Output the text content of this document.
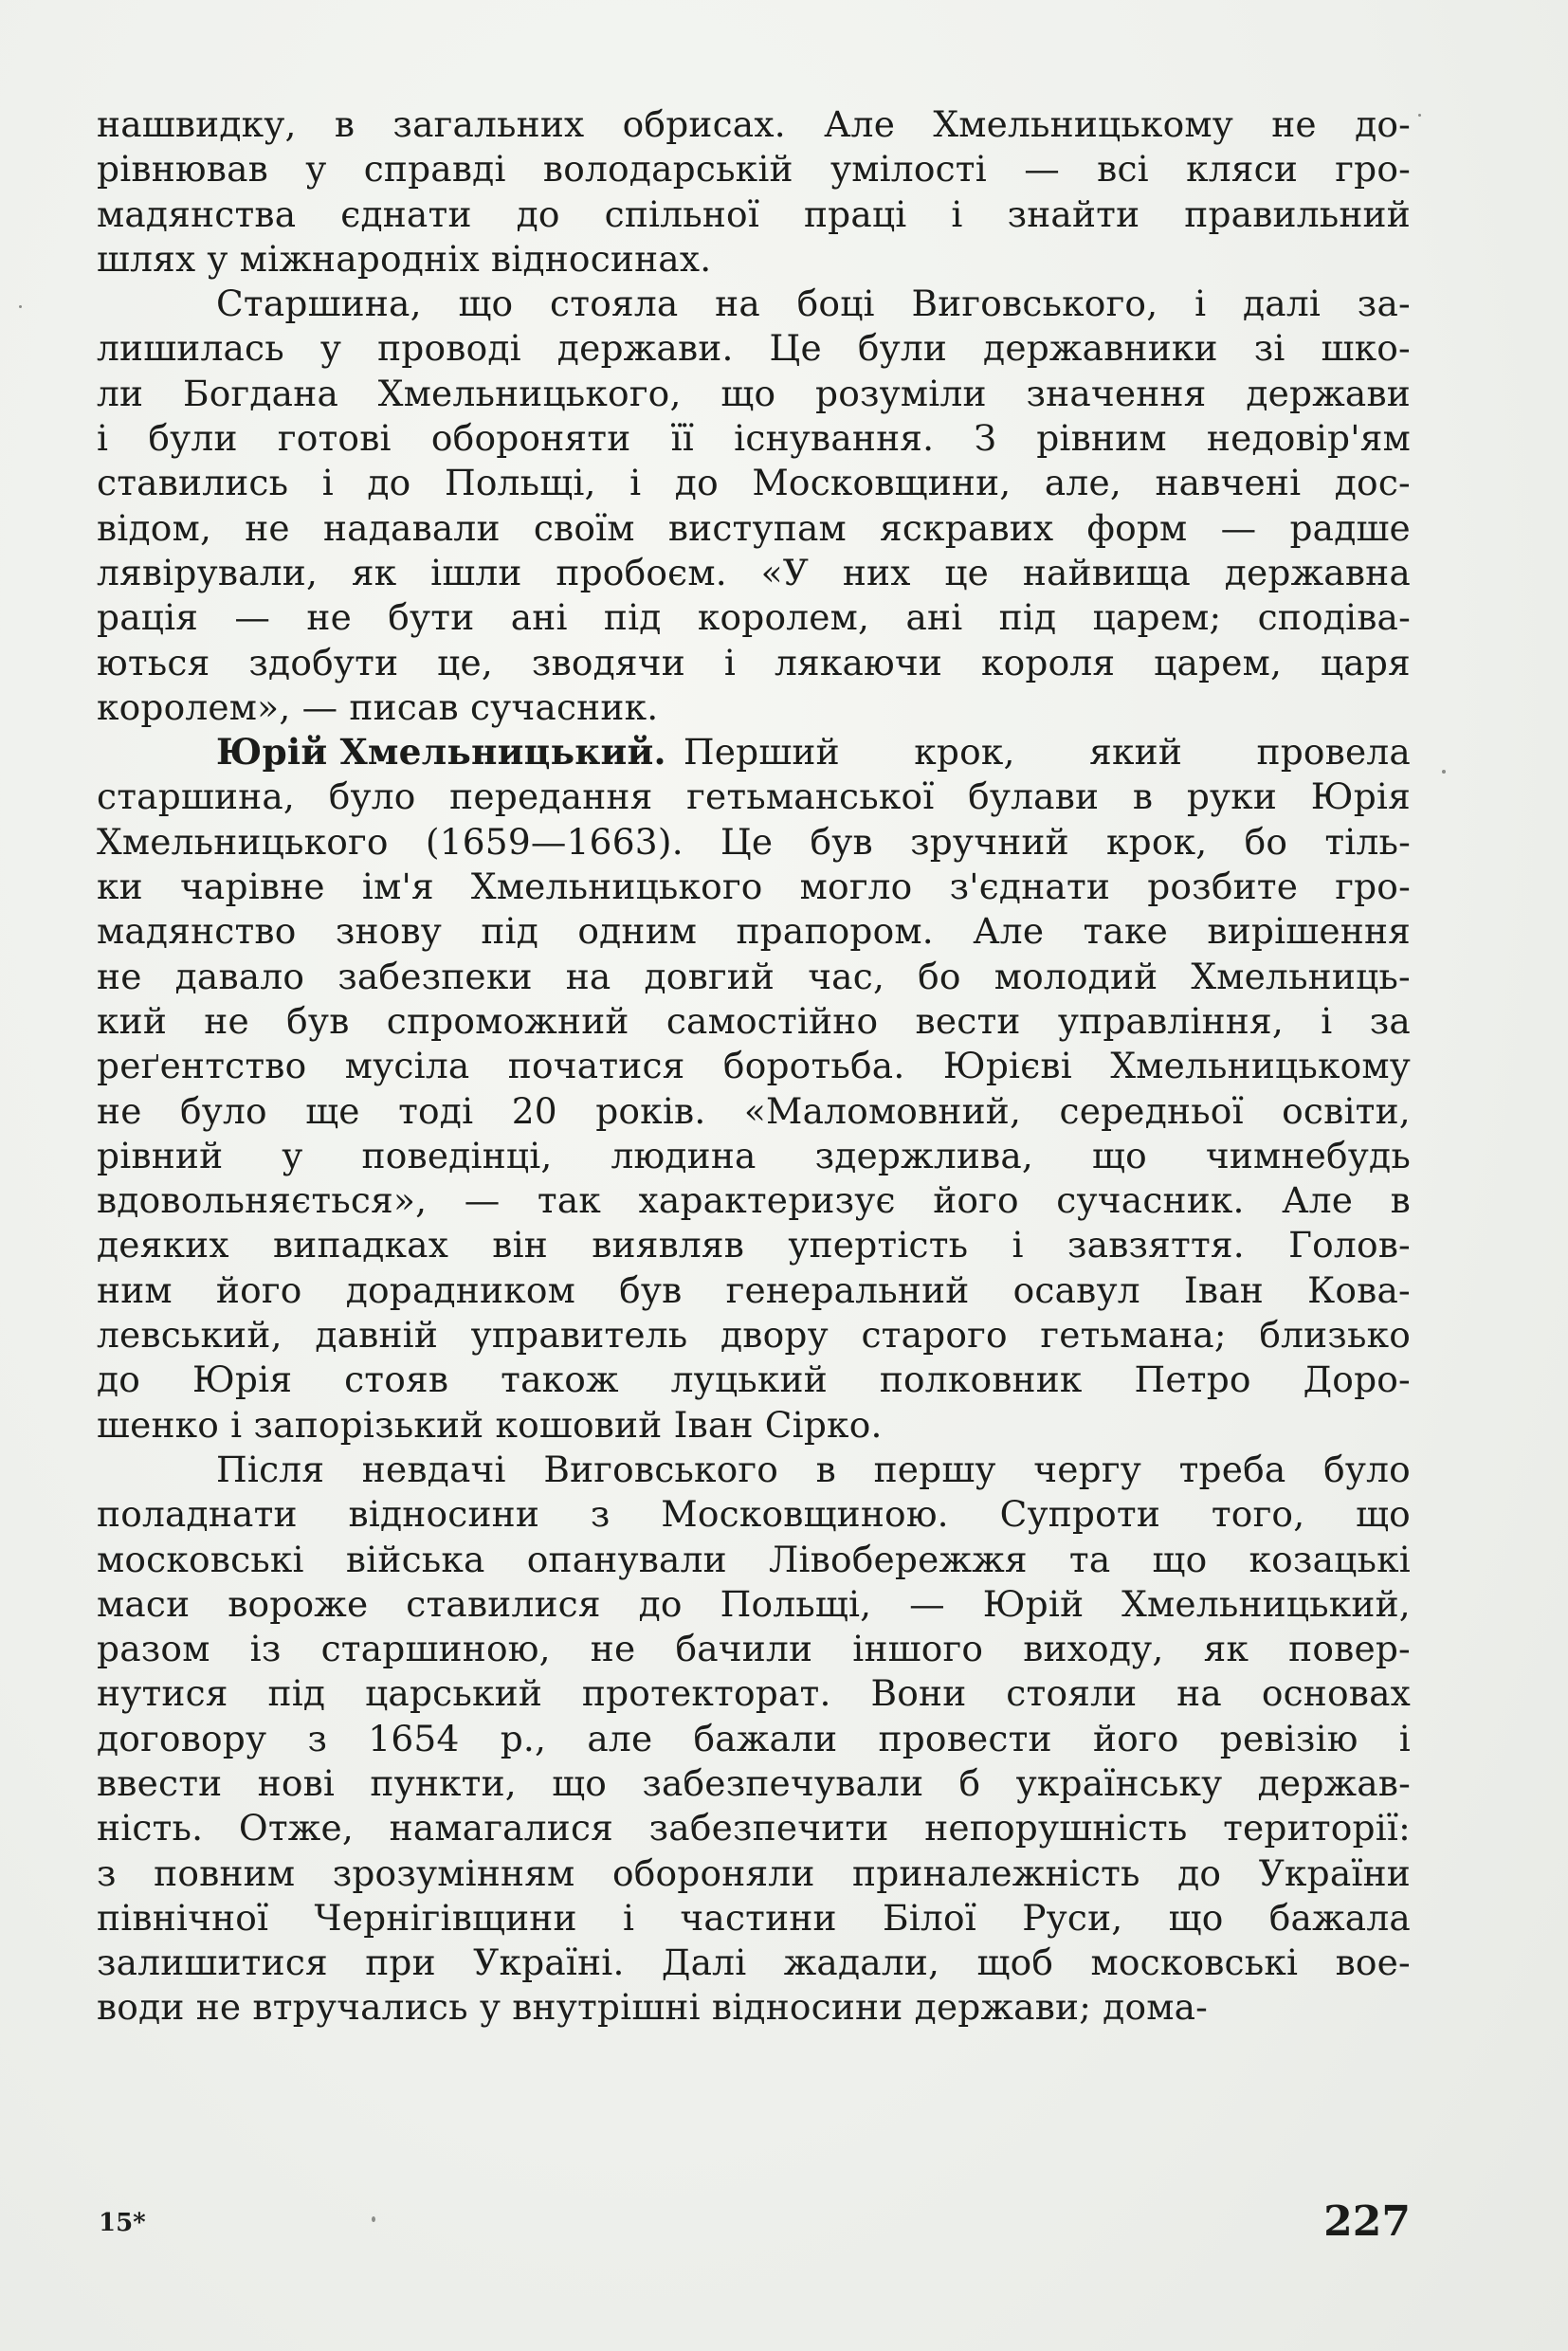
нашвидку, в загальних обрисах. Але Хмельницькому не до-
рівнював у справді володарській умілості — всі кляси гро-
мадянства єднати до спільної праці і знайти правильний
шлях у міжнародніх відносинах.
Старшина, що стояла на боці Виговського, і далі за-
лишилась у проводі держави. Це були державники зі шко-
ли Богдана Хмельницького, що розуміли значення держави
і були готові обороняти її існування. З рівним недовір'ям
ставились і до Польщі, і до Московщини, але, навчені дос-
відом, не надавали своїм виступам яскравих форм — радше
лявірували, як ішли пробоєм. «У них це найвища державна
рація — не бути ані під королем, ані під царем; сподіва-
ються здобути це, зводячи і лякаючи короля царем, царя
королем», — писав сучасник.
Юрій Хмельницький. Перший крок, який провела
старшина, було передання гетьманської булави в руки Юрія
Хмельницького (1659—1663). Це був зручний крок, бо тіль-
ки чарівне ім'я Хмельницького могло з'єднати розбите гро-
мадянство знову під одним прапором. Але таке вирішення
не давало забезпеки на довгий час, бо молодий Хмельниць-
кий не був спроможний самостійно вести управління, і за
реґентство мусіла початися боротьба. Юрієві Хмельницькому
не було ще тоді 20 років. «Маломовний, середньої освіти,
рівний у поведінці, людина здержлива, що чимнебудь
вдовольняється», — так характеризує його сучасник. Але в
деяких випадках він виявляв упертість і завзяття. Голов-
ним його дорадником був генеральний осавул Іван Кова-
левський, давній управитель двору старого гетьмана; близько
до Юрія стояв також луцький полковник Петро Доро-
шенко і запорізький кошовий Іван Сірко.
Після невдачі Виговського в першу чергу треба було
поладнати відносини з Московщиною. Супроти того, що
московські війська опанували Лівобережжя та що козацькі
маси вороже ставилися до Польщі, — Юрій Хмельницький,
разом із старшиною, не бачили іншого виходу, як повер-
нутися під царський протекторат. Вони стояли на основах
договору з 1654 р., але бажали провести його ревізію і
ввести нові пункти, що забезпечували б українську держав-
ність. Отже, намагалися забезпечити непорушність території:
з повним зрозумінням обороняли приналежність до України
північної Чернігівщини і частини Білої Руси, що бажала
залишитися при Україні. Далі жадали, щоб московські вое-
води не втручались у внутрішні відносини держави; дома-
15*	227
